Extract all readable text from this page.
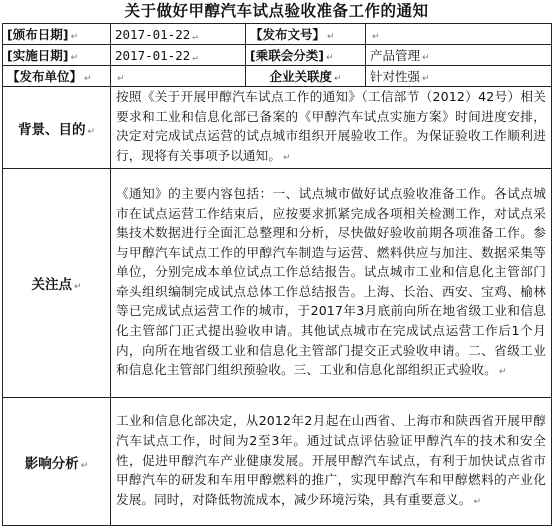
关于做好甲醇汽车试点验收准备工作的通知
[颁布日期] ↵	2017-01-22 ↵	【发布文号】 ↵	↵
[实施日期] ↵	2017-01-22 ↵	[乘联会分类] ↵	产品管理 ↵
【发布单位】 ↵	↵	企业关联度 ↵	针对性强 ↵
背景、目的 ↵	按照《关于开展甲醇汽车试点工作的通知》（工信部节（2012）42号）相关要求和工业和信息化部已备案的《甲醇汽车试点实施方案》时间进度安排，决定对完成试点运营的试点城市组织开展验收工作。为保证验收工作顺利进行，现将有关事项予以通知。 ↵		
关注点 ↵	《通知》的主要内容包括：一、试点城市做好试点验收准备工作。各试点城市在试点运营工作结束后，应按要求抓紧完成各项相关检测工作，对试点采集技术数据进行全面汇总整理和分析，尽快做好验收前期各项准备工作。参与甲醇汽车试点工作的甲醇汽车制造与运营、燃料供应与加注、数据采集等单位，分别完成本单位试点工作总结报告。试点城市工业和信息化主管部门牵头组织编制完成试点总体工作总结报告。上海、长治、西安、宝鸡、榆林等已完成试点运营工作的城市，于2017年3月底前向所在地省级工业和信息化主管部门正式提出验收申请。其他试点城市在完成试点运营工作后1个月内，向所在地省级工业和信息化主管部门提交正式验收申请。二、省级工业和信息化主管部门组织预验收。三、工业和信息化部组织正式验收。 ↵		
影响分析 ↵	工业和信息化部决定，从2012年2月起在山西省、上海市和陕西省开展甲醇汽车试点工作，时间为2至3年。通过试点评估验证甲醇汽车的技术和安全性，促进甲醇汽车产业健康发展。开展甲醇汽车试点，有利于加快试点省市甲醇汽车的研发和车用甲醇燃料的推广，实现甲醇汽车和甲醇燃料的产业化发展。同时，对降低物流成本，减少环境污染，具有重要意义。 ↵		
